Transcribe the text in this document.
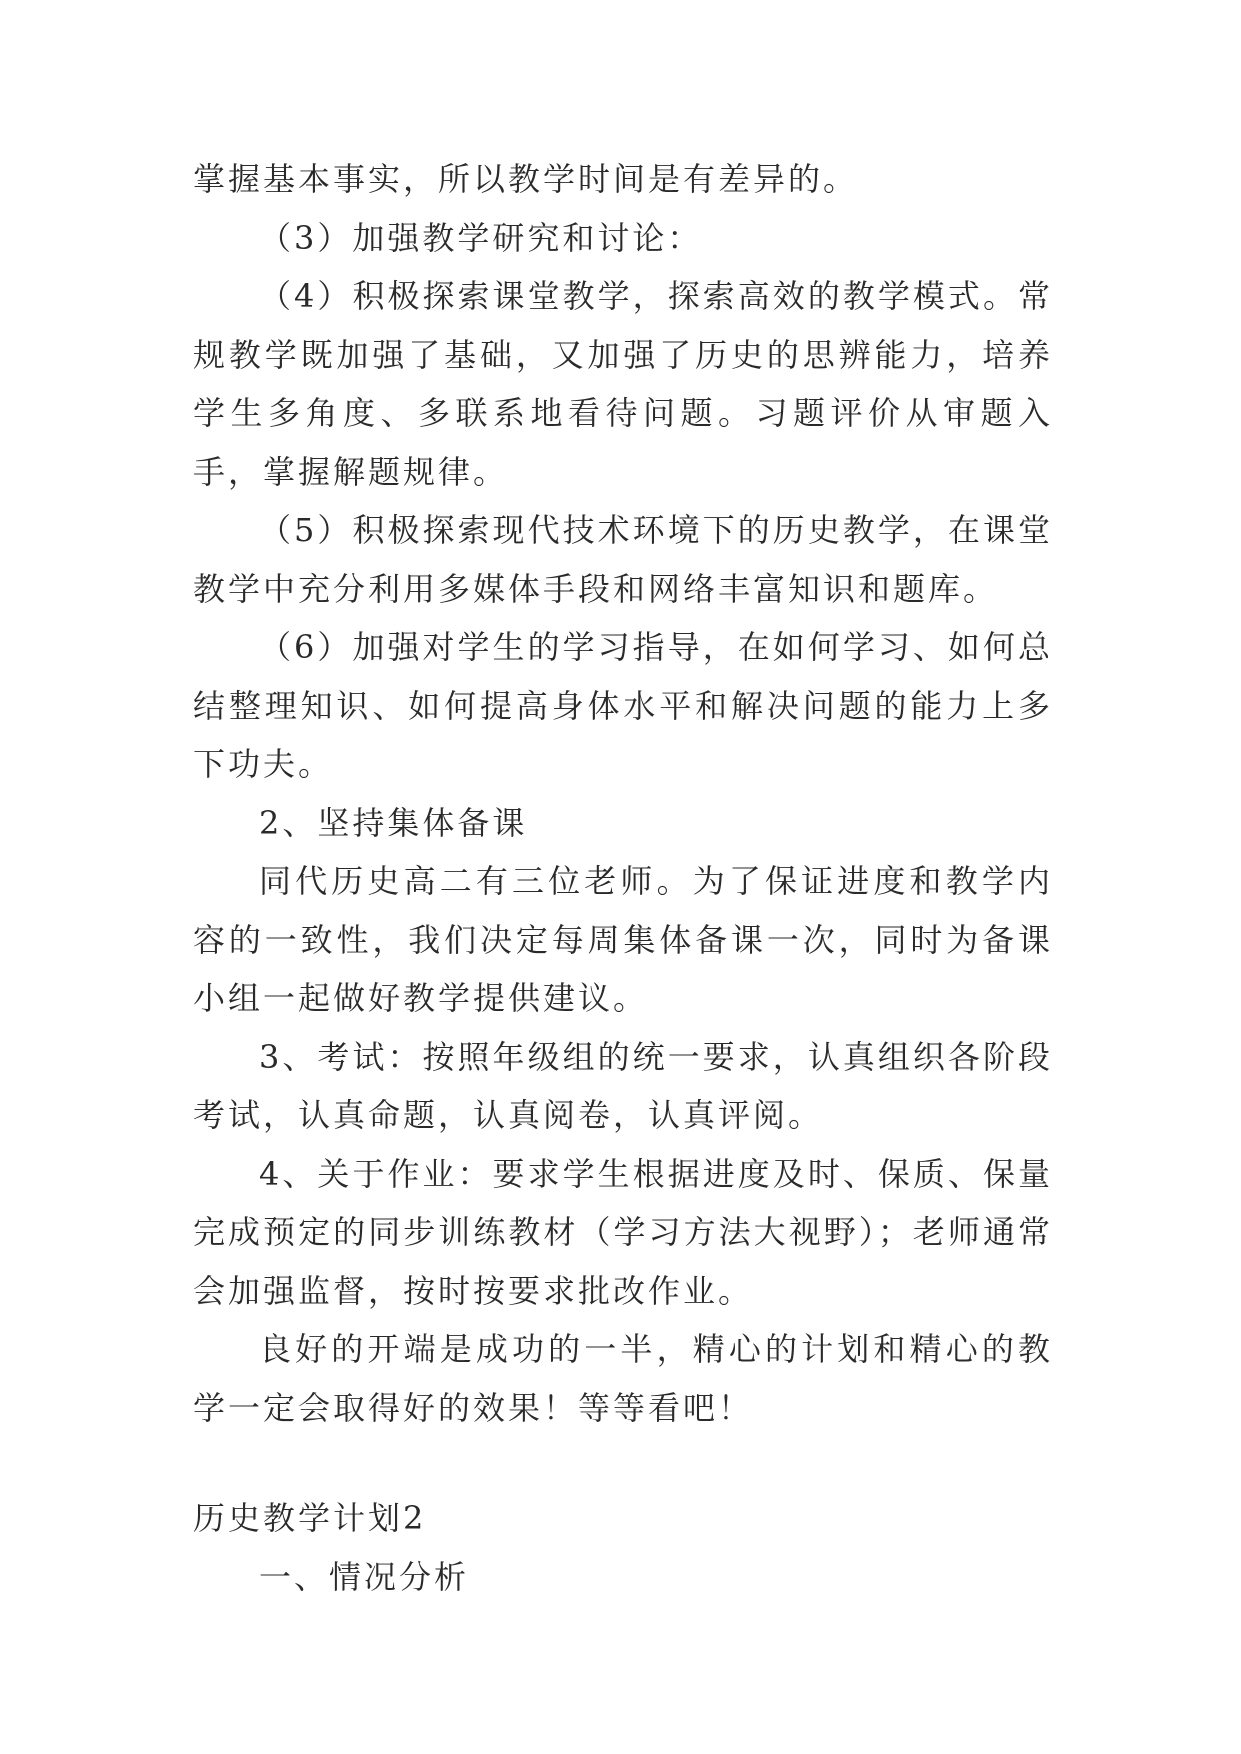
掌握基本事实，所以教学时间是有差异的。

（3）加强教学研究和讨论：

（4）积极探索课堂教学，探索高效的教学模式。常规教学既加强了基础，又加强了历史的思辨能力，培养学生多角度、多联系地看待问题。习题评价从审题入手，掌握解题规律。

（5）积极探索现代技术环境下的历史教学，在课堂教学中充分利用多媒体手段和网络丰富知识和题库。

（6）加强对学生的学习指导，在如何学习、如何总结整理知识、如何提高身体水平和解决问题的能力上多下功夫。

2、坚持集体备课

同代历史高二有三位老师。为了保证进度和教学内容的一致性，我们决定每周集体备课一次，同时为备课小组一起做好教学提供建议。

3、考试：按照年级组的统一要求，认真组织各阶段考试，认真命题，认真阅卷，认真评阅。

4、关于作业：要求学生根据进度及时、保质、保量完成预定的同步训练教材（学习方法大视野）；老师通常会加强监督，按时按要求批改作业。

良好的开端是成功的一半，精心的计划和精心的教学一定会取得好的效果！等等看吧！

历史教学计划2
一、情况分析
